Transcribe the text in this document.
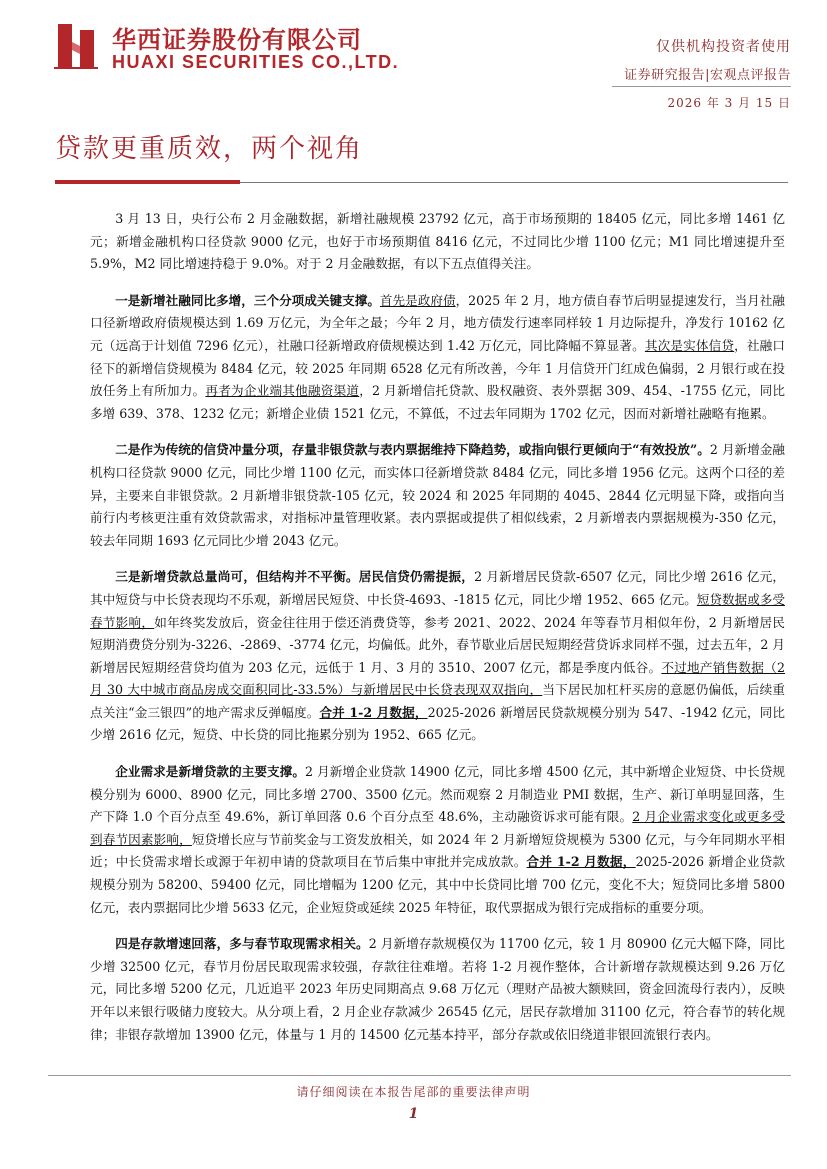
华西证券股份有限公司
HUAXI SECURITIES CO.,LTD.
仅供机构投资者使用
证券研究报告|宏观点评报告
2026 年 3 月 15 日
贷款更重质效，两个视角

3 月 13 日，央行公布 2 月金融数据，新增社融规模 23792 亿元，高于市场预期的 18405 亿元，同比多增 1461 亿元；新增金融机构口径贷款 9000 亿元，也好于市场预期值 8416 亿元，不过同比少增 1100 亿元；M1 同比增速提升至 5.9%，M2 同比增速持稳于 9.0%。对于 2 月金融数据，有以下五点值得关注。

一是新增社融同比多增，三个分项成关键支撑。首先是政府债，2025 年 2 月，地方债自春节后明显提速发行，当月社融口径新增政府债规模达到 1.69 万亿元，为全年之最；今年 2 月，地方债发行速率同样较 1 月边际提升，净发行 10162 亿元（远高于计划值 7296 亿元），社融口径新增政府债规模达到 1.42 万亿元，同比降幅不算显著。其次是实体信贷，社融口径下的新增信贷规模为 8484 亿元，较 2025 年同期 6528 亿元有所改善，今年 1 月信贷开门红成色偏弱，2 月银行或在投放任务上有所加力。再者为企业端其他融资渠道，2 月新增信托贷款、股权融资、表外票据 309、454、-1755 亿元，同比多增 639、378、1232 亿元；新增企业债 1521 亿元，不算低，不过去年同期为 1702 亿元，因而对新增社融略有拖累。

二是作为传统的信贷冲量分项，存量非银贷款与表内票据维持下降趋势，或指向银行更倾向于“有效投放”。2 月新增金融机构口径贷款 9000 亿元，同比少增 1100 亿元，而实体口径新增贷款 8484 亿元，同比多增 1956 亿元。这两个口径的差异，主要来自非银贷款。2 月新增非银贷款-105 亿元，较 2024 和 2025 年同期的 4045、2844 亿元明显下降，或指向当前行内考核更注重有效贷款需求，对指标冲量管理收紧。表内票据或提供了相似线索，2 月新增表内票据规模为-350 亿元，较去年同期 1693 亿元同比少增 2043 亿元。

三是新增贷款总量尚可，但结构并不平衡。居民信贷仍需提振，2 月新增居民贷款-6507 亿元，同比少增 2616 亿元，其中短贷与中长贷表现均不乐观，新增居民短贷、中长贷-4693、-1815 亿元，同比少增 1952、665 亿元。短贷数据或多受春节影响，如年终奖发放后，资金往往用于偿还消费贷等，参考 2021、2022、2024 年等春节月相似年份，2 月新增居民短期消费贷分别为-3226、-2869、-3774 亿元，均偏低。此外，春节歇业后居民短期经营贷诉求同样不强，过去五年，2 月新增居民短期经营贷均值为 203 亿元，远低于 1 月、3 月的 3510、2007 亿元，都是季度内低谷。不过地产销售数据（2 月 30 大中城市商品房成交面积同比-33.5%）与新增居民中长贷表现双双指向，当下居民加杠杆买房的意愿仍偏低，后续重点关注“金三银四”的地产需求反弹幅度。合并 1-2 月数据，2025-2026 新增居民贷款规模分别为 547、-1942 亿元，同比少增 2616 亿元，短贷、中长贷的同比拖累分别为 1952、665 亿元。

企业需求是新增贷款的主要支撑。2 月新增企业贷款 14900 亿元，同比多增 4500 亿元，其中新增企业短贷、中长贷规模分别为 6000、8900 亿元，同比多增 2700、3500 亿元。然而观察 2 月制造业 PMI 数据，生产、新订单明显回落，生产下降 1.0 个百分点至 49.6%，新订单回落 0.6 个百分点至 48.6%，主动融资诉求可能有限。2 月企业需求变化或更多受到春节因素影响，短贷增长应与节前奖金与工资发放相关，如 2024 年 2 月新增短贷规模为 5300 亿元，与今年同期水平相近；中长贷需求增长或源于年初申请的贷款项目在节后集中审批并完成放款。合并 1-2 月数据，2025-2026 新增企业贷款规模分别为 58200、59400 亿元，同比增幅为 1200 亿元，其中中长贷同比增 700 亿元，变化不大；短贷同比多增 5800 亿元，表内票据同比少增 5633 亿元，企业短贷或延续 2025 年特征，取代票据成为银行完成指标的重要分项。

四是存款增速回落，多与春节取现需求相关。2 月新增存款规模仅为 11700 亿元，较 1 月 80900 亿元大幅下降，同比少增 32500 亿元，春节月份居民取现需求较强，存款往往难增。若将 1-2 月视作整体，合计新增存款规模达到 9.26 万亿元，同比多增 5200 亿元，几近追平 2023 年历史同期高点 9.68 万亿元（理财产品被大额赎回，资金回流母行表内），反映开年以来银行吸储力度较大。从分项上看，2 月企业存款减少 26545 亿元，居民存款增加 31100 亿元，符合春节的转化规律；非银存款增加 13900 亿元，体量与 1 月的 14500 亿元基本持平，部分存款或依旧绕道非银回流银行表内。

请仔细阅读在本报告尾部的重要法律声明
1
